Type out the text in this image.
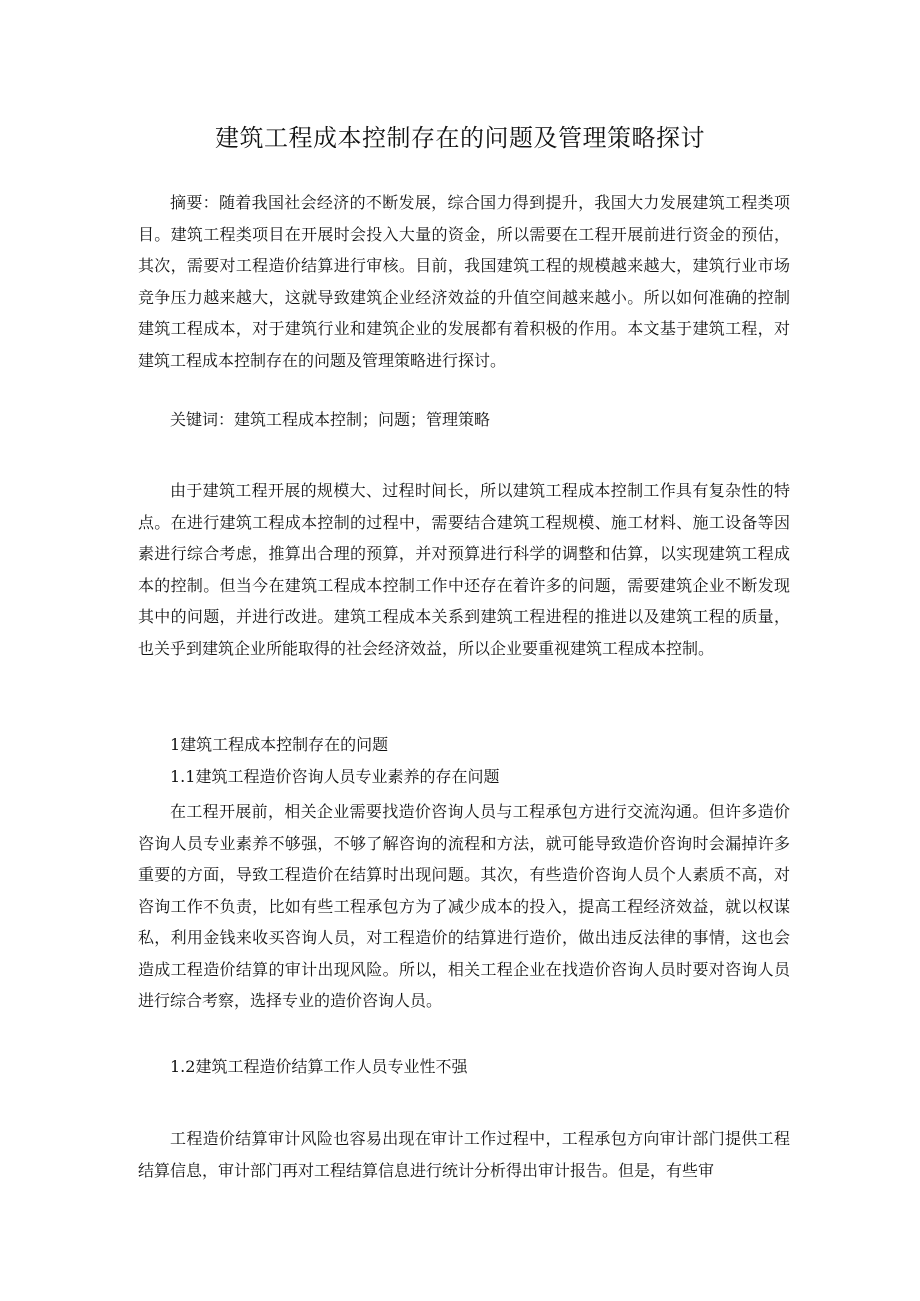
建筑工程成本控制存在的问题及管理策略探讨

摘要：随着我国社会经济的不断发展，综合国力得到提升，我国大力发展建筑工程类项目。建筑工程类项目在开展时会投入大量的资金，所以需要在工程开展前进行资金的预估，其次，需要对工程造价结算进行审核。目前，我国建筑工程的规模越来越大，建筑行业市场竞争压力越来越大，这就导致建筑企业经济效益的升值空间越来越小。所以如何准确的控制建筑工程成本，对于建筑行业和建筑企业的发展都有着积极的作用。本文基于建筑工程，对建筑工程成本控制存在的问题及管理策略进行探讨。

关键词：建筑工程成本控制；问题；管理策略

由于建筑工程开展的规模大、过程时间长，所以建筑工程成本控制工作具有复杂性的特点。在进行建筑工程成本控制的过程中，需要结合建筑工程规模、施工材料、施工设备等因素进行综合考虑，推算出合理的预算，并对预算进行科学的调整和估算，以实现建筑工程成本的控制。但当今在建筑工程成本控制工作中还存在着许多的问题，需要建筑企业不断发现其中的问题，并进行改进。建筑工程成本关系到建筑工程进程的推进以及建筑工程的质量，也关乎到建筑企业所能取得的社会经济效益，所以企业要重视建筑工程成本控制。

1建筑工程成本控制存在的问题
1.1建筑工程造价咨询人员专业素养的存在问题

在工程开展前，相关企业需要找造价咨询人员与工程承包方进行交流沟通。但许多造价咨询人员专业素养不够强，不够了解咨询的流程和方法，就可能导致造价咨询时会漏掉许多重要的方面，导致工程造价在结算时出现问题。其次，有些造价咨询人员个人素质不高，对咨询工作不负责，比如有些工程承包方为了减少成本的投入，提高工程经济效益，就以权谋私，利用金钱来收买咨询人员，对工程造价的结算进行造价，做出违反法律的事情，这也会造成工程造价结算的审计出现风险。所以，相关工程企业在找造价咨询人员时要对咨询人员进行综合考察，选择专业的造价咨询人员。

1.2建筑工程造价结算工作人员专业性不强

工程造价结算审计风险也容易出现在审计工作过程中，工程承包方向审计部门提供工程结算信息，审计部门再对工程结算信息进行统计分析得出审计报告。但是，有些审
